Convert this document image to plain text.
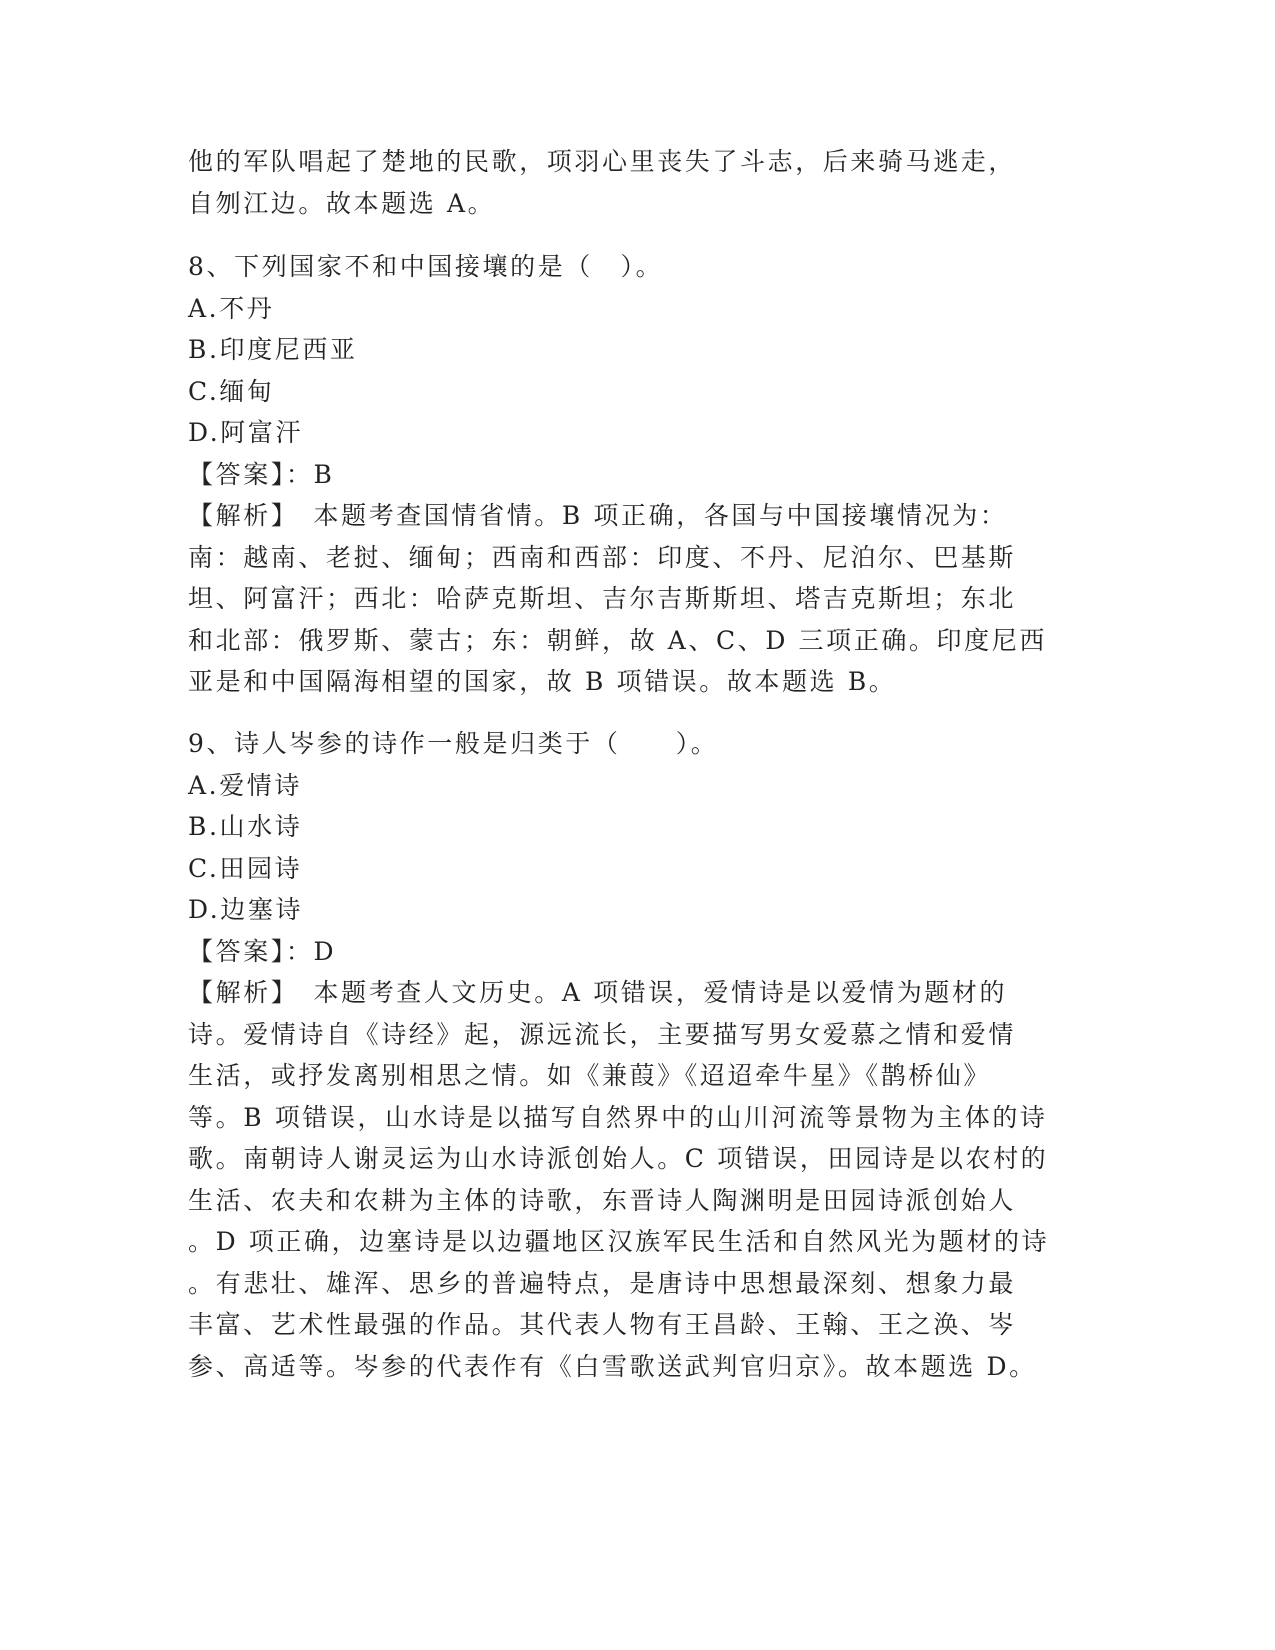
他的军队唱起了楚地的民歌，项羽心里丧失了斗志，后来骑马逃走，
自刎江边。故本题选 A。
8、下列国家不和中国接壤的是（　）。
A.不丹
B.印度尼西亚
C.缅甸
D.阿富汗
【答案】：B
【解析】　本题考查国情省情。B 项正确，各国与中国接壤情况为：
南：越南、老挝、缅甸；西南和西部：印度、不丹、尼泊尔、巴基斯
坦、阿富汗；西北：哈萨克斯坦、吉尔吉斯斯坦、塔吉克斯坦；东北
和北部：俄罗斯、蒙古；东：朝鲜，故 A、C、D 三项正确。印度尼西
亚是和中国隔海相望的国家，故 B 项错误。故本题选 B。
9、诗人岑参的诗作一般是归类于（　　）。
A.爱情诗
B.山水诗
C.田园诗
D.边塞诗
【答案】：D
【解析】　本题考查人文历史。A 项错误，爱情诗是以爱情为题材的
诗。爱情诗自《诗经》起，源远流长，主要描写男女爱慕之情和爱情
生活，或抒发离别相思之情。如《兼葭》《迢迢牵牛星》《鹊桥仙》
等。B 项错误，山水诗是以描写自然界中的山川河流等景物为主体的诗
歌。南朝诗人谢灵运为山水诗派创始人。C 项错误，田园诗是以农村的
生活、农夫和农耕为主体的诗歌，东晋诗人陶渊明是田园诗派创始人
。D 项正确，边塞诗是以边疆地区汉族军民生活和自然风光为题材的诗
。有悲壮、雄浑、思乡的普遍特点，是唐诗中思想最深刻、想象力最
丰富、艺术性最强的作品。其代表人物有王昌龄、王翰、王之涣、岑
参、高适等。岑参的代表作有《白雪歌送武判官归京》。故本题选 D。
